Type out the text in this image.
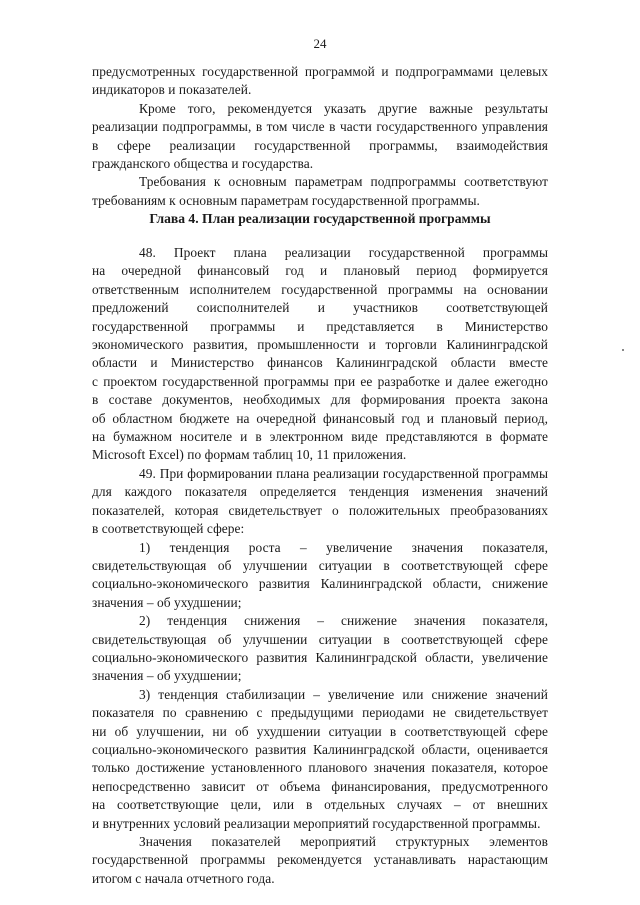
24
предусмотренных государственной программой и подпрограммами целевых
индикаторов и показателей.
Кроме того, рекомендуется указать другие важные результаты
реализации подпрограммы, в том числе в части государственного управления
в сфере реализации государственной программы, взаимодействия
гражданского общества и государства.
Требования к основным параметрам подпрограммы соответствуют
требованиям к основным параметрам государственной программы.
Глава 4. План реализации государственной программы
48. Проект плана реализации государственной программы
на очередной финансовый год и плановый период формируется
ответственным исполнителем государственной программы на основании
предложений соисполнителей и участников соответствующей
государственной программы и представляется в Министерство
экономического развития, промышленности и торговли Калининградской
области и Министерство финансов Калининградской области вместе
с проектом государственной программы при ее разработке и далее ежегодно
в составе документов, необходимых для формирования проекта закона
об областном бюджете на очередной финансовый год и плановый период,
на бумажном носителе и в электронном виде представляются в формате
Microsoft Excel) по формам таблиц 10, 11 приложения.
49. При формировании плана реализации государственной программы
для каждого показателя определяется тенденция изменения значений
показателей, которая свидетельствует о положительных преобразованиях
в соответствующей сфере:
1) тенденция роста – увеличение значения показателя,
свидетельствующая об улучшении ситуации в соответствующей сфере
социально-экономического развития Калининградской области, снижение
значения – об ухудшении;
2) тенденция снижения – снижение значения показателя,
свидетельствующая об улучшении ситуации в соответствующей сфере
социально-экономического развития Калининградской области, увеличение
значения – об ухудшении;
3) тенденция стабилизации – увеличение или снижение значений
показателя по сравнению с предыдущими периодами не свидетельствует
ни об улучшении, ни об ухудшении ситуации в соответствующей сфере
социально-экономического развития Калининградской области, оценивается
только достижение установленного планового значения показателя, которое
непосредственно зависит от объема финансирования, предусмотренного
на соответствующие цели, или в отдельных случаях – от внешних
и внутренних условий реализации мероприятий государственной программы.
Значения показателей мероприятий структурных элементов
государственной программы рекомендуется устанавливать нарастающим
итогом с начала отчетного года.
